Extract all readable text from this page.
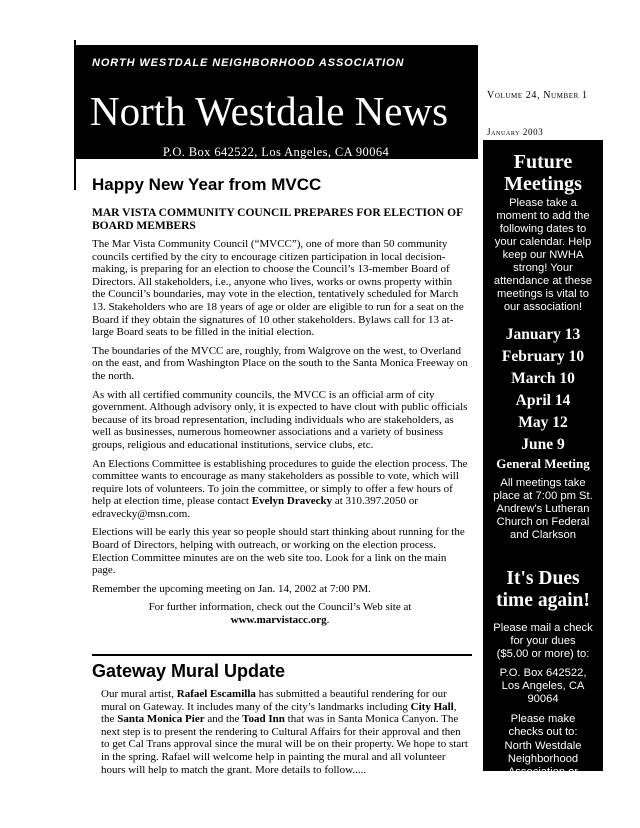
NORTH WESTDALE NEIGHBORHOOD ASSOCIATION
North Westdale News
P.O. Box 642522, Los Angeles, CA 90064
Volume 24, Number 1
January 2003
Future
Meetings
Please take a moment to add the following dates to your calendar. Help keep our NWHA strong! Your attendance at these meetings is vital to our association!
January 13
February 10
March 10
April 14
May 12
June 9
General Meeting
All meetings take place at 7:00 pm St. Andrew's Lutheran Church on Federal and Clarkson
It's Dues
time again!
Please mail a check for your dues ($5.00 or more) to:
P.O. Box 642522, Los Angeles, CA 90064
Please make checks out to:
North Westdale Neighborhood Association or NWNA.
Happy New Year from MVCC
MAR VISTA COMMUNITY COUNCIL PREPARES FOR ELECTION OF BOARD MEMBERS

The Mar Vista Community Council (“MVCC”), one of more than 50 community councils certified by the city to encourage citizen participation in local decision-making, is preparing for an election to choose the Council’s 13-member Board of Directors. All stakeholders, i.e., anyone who lives, works or owns property within the Council’s boundaries, may vote in the election, tentatively scheduled for March 13. Stakeholders who are 18 years of age or older are eligible to run for a seat on the Board if they obtain the signatures of 10 other stakeholders. Bylaws call for 13 at-large Board seats to be filled in the initial election.

The boundaries of the MVCC are, roughly, from Walgrove on the west, to Overland on the east, and from Washington Place on the south to the Santa Monica Freeway on the north.

As with all certified community councils, the MVCC is an official arm of city government. Although advisory only, it is expected to have clout with public officials because of its broad representation, including individuals who are stakeholders, as well as businesses, numerous homeowner associations and a variety of business groups, religious and educational institutions, service clubs, etc.

An Elections Committee is establishing procedures to guide the election process. The committee wants to encourage as many stakeholders as possible to vote, which will require lots of volunteers. To join the committee, or simply to offer a few hours of help at election time, please contact Evelyn Dravecky at 310.397.2050 or edravecky@msn.com.

Elections will be early this year so people should start thinking about running for the Board of Directors, helping with outreach, or working on the election process. Election Committee minutes are on the web site too. Look for a link on the main page.

Remember the upcoming meeting on Jan. 14, 2002 at 7:00 PM.

For further information, check out the Council’s Web site at
www.marvistacc.org.

Gateway Mural Update
Our mural artist, Rafael Escamilla has submitted a beautiful rendering for our mural on Gateway. It includes many of the city’s landmarks including City Hall, the Santa Monica Pier and the Toad Inn that was in Santa Monica Canyon. The next step is to present the rendering to Cultural Affairs for their approval and then to get Cal Trans approval since the mural will be on their property. We hope to start in the spring. Rafael will welcome help in painting the mural and all volunteer hours will help to match the grant. More details to follow.....
